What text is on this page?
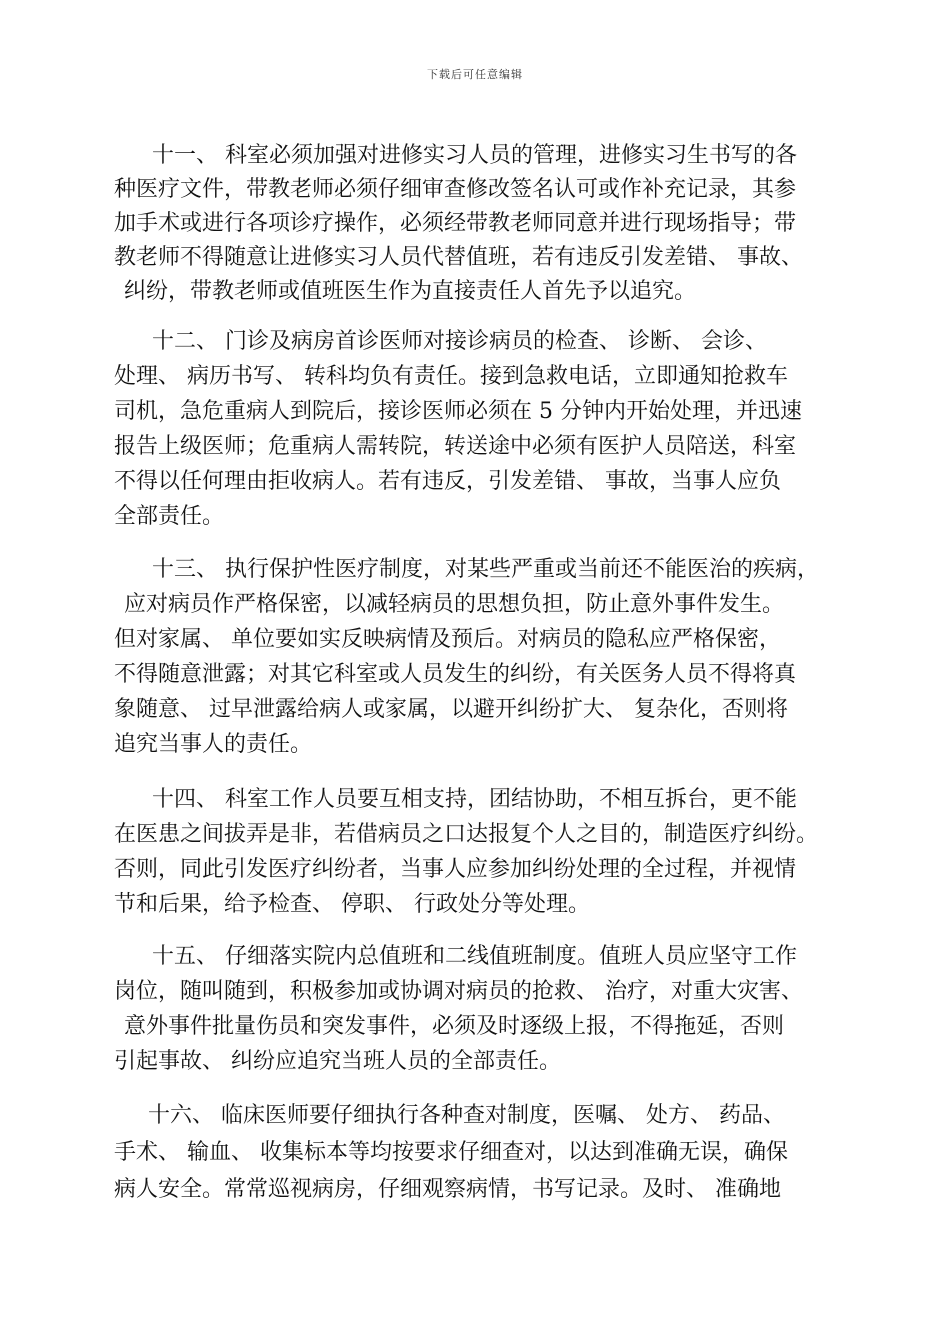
下载后可任意编辑
十一、 科室必须加强对进修实习人员的管理，进修实习生书写的各
种医疗文件，带教老师必须仔细审查修改签名认可或作补充记录，其参
加手术或进行各项诊疗操作，必须经带教老师同意并进行现场指导；带
教老师不得随意让进修实习人员代替值班，若有违反引发差错、 事故、
纠纷，带教老师或值班医生作为直接责任人首先予以追究。
十二、 门诊及病房首诊医师对接诊病员的检查、 诊断、 会诊、
处理、 病历书写、 转科均负有责任。接到急救电话，立即通知抢救车
司机，急危重病人到院后，接诊医师必须在 5 分钟内开始处理，并迅速
报告上级医师；危重病人需转院，转送途中必须有医护人员陪送，科室
不得以任何理由拒收病人。若有违反，引发差错、 事故，当事人应负
全部责任。
十三、 执行保护性医疗制度，对某些严重或当前还不能医治的疾病，
应对病员作严格保密，以减轻病员的思想负担，防止意外事件发生。
但对家属、 单位要如实反映病情及预后。对病员的隐私应严格保密，
不得随意泄露；对其它科室或人员发生的纠纷，有关医务人员不得将真
象随意、 过早泄露给病人或家属，以避开纠纷扩大、 复杂化，否则将
追究当事人的责任。
十四、 科室工作人员要互相支持，团结协助，不相互拆台，更不能
在医患之间拔弄是非，若借病员之口达报复个人之目的，制造医疗纠纷。
否则，同此引发医疗纠纷者，当事人应参加纠纷处理的全过程，并视情
节和后果，给予检查、 停职、 行政处分等处理。
十五、 仔细落实院内总值班和二线值班制度。值班人员应坚守工作
岗位，随叫随到，积极参加或协调对病员的抢救、 治疗，对重大灾害、
意外事件批量伤员和突发事件，必须及时逐级上报，不得拖延，否则
引起事故、 纠纷应追究当班人员的全部责任。
十六、 临床医师要仔细执行各种查对制度，医嘱、 处方、 药品、
手术、 输血、 收集标本等均按要求仔细查对，以达到准确无误，确保
病人安全。常常巡视病房，仔细观察病情，书写记录。及时、 准确地
